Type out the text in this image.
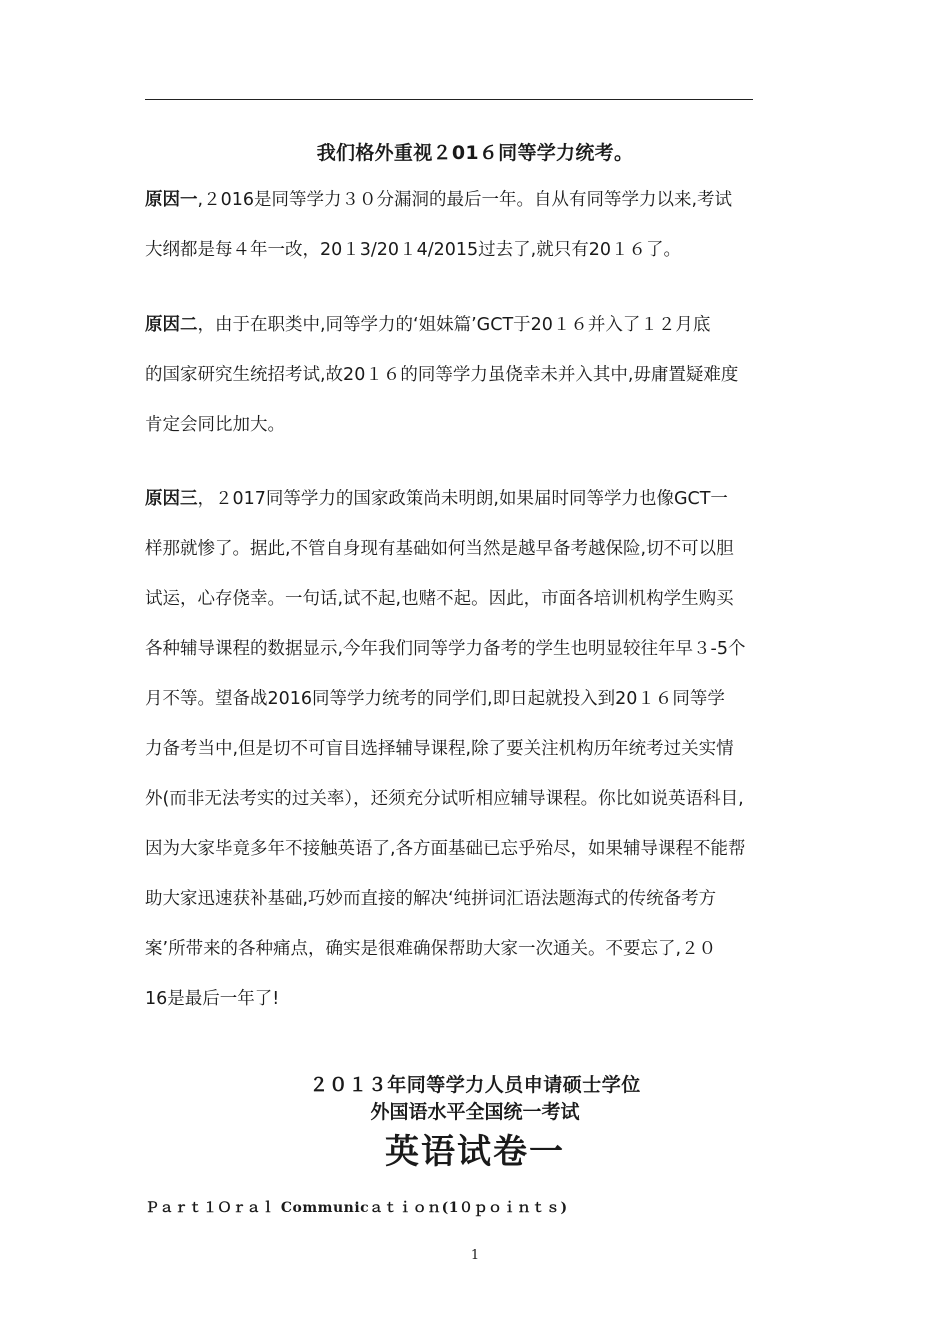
我们格外重视２01６同等学力统考。
原因一,２016是同等学力３０分漏洞的最后一年。自从有同等学力以来,考试
大纲都是每４年一改，20１3/20１4/2015过去了,就只有20１６了。
原因二，由于在职类中,同等学力的‘姐妹篇’GCT于20１６并入了１２月底
的国家研究生统招考试,故20１６的同等学力虽侥幸未并入其中,毋庸置疑难度
肯定会同比加大。
原因三，２017同等学力的国家政策尚未明朗,如果届时同等学力也像GCT一
样那就惨了。据此,不管自身现有基础如何当然是越早备考越保险,切不可以胆
试运，心存侥幸。一句话,试不起,也赌不起。因此，市面各培训机构学生购买
各种辅导课程的数据显示,今年我们同等学力备考的学生也明显较往年早３-5个
月不等。望备战2016同等学力统考的同学们,即日起就投入到20１６同等学
力备考当中,但是切不可盲目选择辅导课程,除了要关注机构历年统考过关实情
外(而非无法考实的过关率），还须充分试听相应辅导课程。你比如说英语科目,
因为大家毕竟多年不接触英语了,各方面基础已忘乎殆尽，如果辅导课程不能帮
助大家迅速获补基础,巧妙而直接的解决‘纯拼词汇语法题海式的传统备考方
案’所带来的各种痛点，确实是很难确保帮助大家一次通关。不要忘了,２０
16是最后一年了!
２０１３年同等学力人员申请硕士学位
外国语水平全国统一考试
英语试卷一
Ｐａｒｔ１Ｏｒａｌ Communicａｔｉｏｎ(1０ｐｏｉｎｔｓ)
1
